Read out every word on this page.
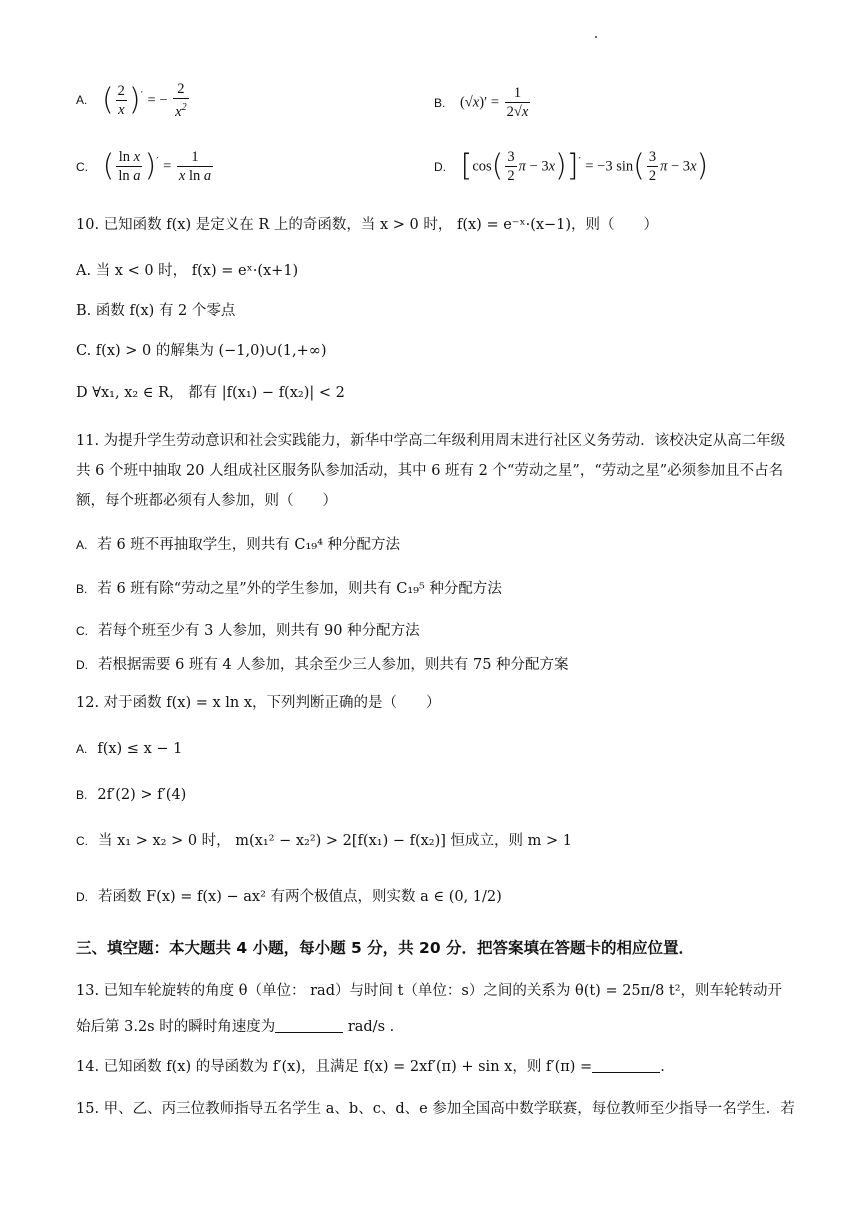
A. ( $\frac{2}{x} )'$ = − $\frac{2}{x^2}$	B. $(√x)' = \frac{1}{2√x}$
C. ( $\frac{\text{ln x}}{\text{ln a}} )' = \frac{1}{\text{x ln a}}$	D. [$\cos( \frac{3}{2}$ π − 3x)]′ = −3 $\sin( \frac{3}{2}$ π − 3x)
10. 已知函数 f(x) 是定义在 R 上的奇函数，当 x > 0 时， f(x) = e⁻ˣ·(x−1)，则（　　）
A. 当 x < 0 时， f(x) = eˣ·(x+1)
B. 函数 f(x) 有 2 个零点
C. f(x) > 0 的解集为 (−1,0)∪(1,+∞)
D ∀x₁, x₂ ∈ R， 都有 |f(x₁) − f(x₂)| < 2
11. 为提升学生劳动意识和社会实践能力，新华中学高二年级利用周末进行社区义务劳动．该校决定从高二年级共 6 个班中抽取 20 人组成社区服务队参加活动，其中 6 班有 2 个“劳动之星”，“劳动之星”必须参加且不占名额，每个班都必须有人参加，则（　　）
A. 若 6 班不再抽取学生，则共有 C₁₉⁴ 种分配方法
B. 若 6 班有除“劳动之星”外的学生参加，则共有 C₁₉⁵ 种分配方法
C. 若每个班至少有 3 人参加，则共有 90 种分配方法
D. 若根据需要 6 班有 4 人参加，其余至少三人参加，则共有 75 种分配方案
12. 对于函数 f(x) = x ln x，下列判断正确的是（　　）
A. f(x) ≤ x − 1
B. 2f′(2) > f′(4)
C. 当 x₁ > x₂ > 0 时， m(x₁² − x₂²) > 2[f(x₁) − f(x₂)] 恒成立，则 m > 1
D. 若函数 F(x) = f(x) − ax² 有两个极值点，则实数 a ∈ (0, 1/2)
三、填空题：本大题共 4 小题，每小题 5 分，共 20 分．把答案填在答题卡的相应位置．
13. 已知车轮旋转的角度 θ（单位： rad）与时间 t（单位：s）之间的关系为 θ(t) = 25π/8 t²，则车轮转动开
始后第 3.2s 时的瞬时角速度为	rad/s .
14. 已知函数 f(x) 的导函数为 f′(x)，且满足 f(x) = 2xf′(π) + sin x，则 f′(π) =	.
15. 甲、乙、丙三位教师指导五名学生 a、b、c、d、e 参加全国高中数学联赛，每位教师至少指导一名学生．若
